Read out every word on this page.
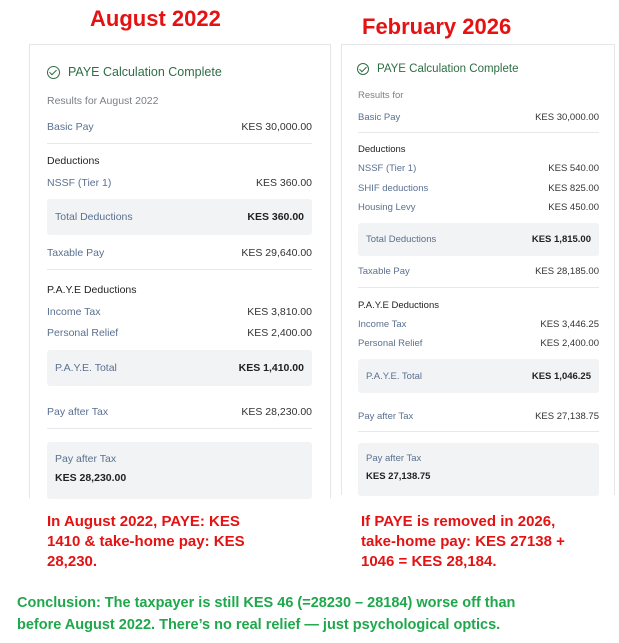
August 2022	February 2026
PAYE Calculation Complete
Results for August 2022
Basic Pay	KES 30,000.00
Deductions
NSSF (Tier 1)	KES 360.00
Total Deductions	KES 360.00
Taxable Pay	KES 29,640.00
P.A.Y.E Deductions
Income Tax	KES 3,810.00
Personal Relief	KES 2,400.00
P.A.Y.E. Total	KES 1,410.00
Pay after Tax	KES 28,230.00
Pay after Tax
KES 28,230.00
PAYE Calculation Complete
Results for
Basic Pay	KES 30,000.00
Deductions
NSSF (Tier 1)	KES 540.00
SHIF deductions	KES 825.00
Housing Levy	KES 450.00
Total Deductions	KES 1,815.00
Taxable Pay	KES 28,185.00
P.A.Y.E Deductions
Income Tax	KES 3,446.25
Personal Relief	KES 2,400.00
P.A.Y.E. Total	KES 1,046.25
Pay after Tax	KES 27,138.75
Pay after Tax
KES 27,138.75
In August 2022, PAYE: KES
1410 & take-home pay: KES
28,230.
If PAYE is removed in 2026,
take-home pay: KES 27138 +
1046 = KES 28,184.
Conclusion: The taxpayer is still KES 46 (=28230 – 28184) worse off than
before August 2022. There’s no real relief — just psychological optics.
